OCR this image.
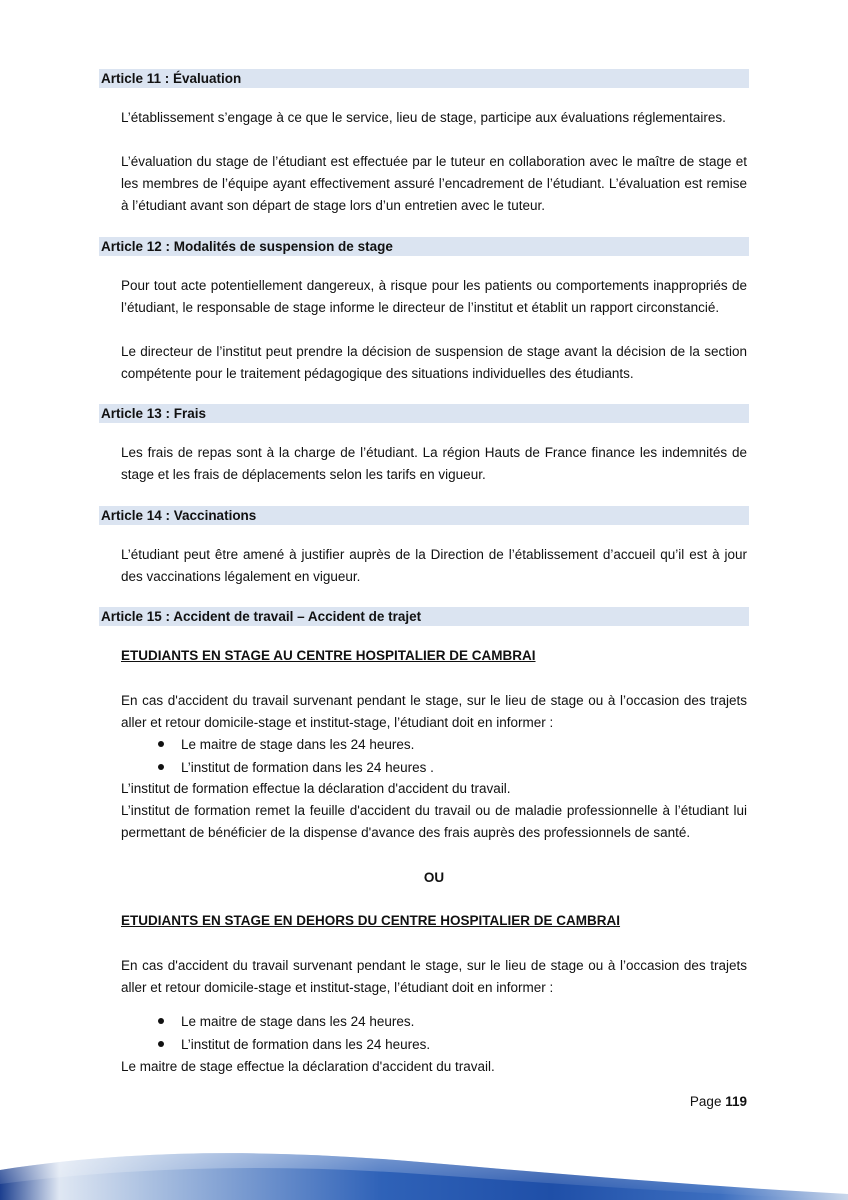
Article 11 : Évaluation

L’établissement s’engage à ce que le service, lieu de stage, participe aux évaluations réglementaires.

L’évaluation du stage de l’étudiant est effectuée par le tuteur en collaboration avec le maître de stage et les membres de l’équipe ayant effectivement assuré l’encadrement de l’étudiant. L’évaluation est remise à l’étudiant avant son départ de stage lors d’un entretien avec le tuteur.

Article 12 : Modalités de suspension de stage

Pour tout acte potentiellement dangereux, à risque pour les patients ou comportements inappropriés de l’étudiant, le responsable de stage informe le directeur de l’institut et établit un rapport circonstancié.

Le directeur de l’institut peut prendre la décision de suspension de stage avant la décision de la section compétente pour le traitement pédagogique des situations individuelles des étudiants.

Article 13 : Frais

Les frais de repas sont à la charge de l’étudiant. La région Hauts de France finance les indemnités de stage et les frais de déplacements selon les tarifs en vigueur.

Article 14 : Vaccinations

L’étudiant peut être amené à justifier auprès de la Direction de l’établissement d’accueil qu’il est à jour des vaccinations légalement en vigueur.

Article 15 : Accident de travail – Accident de trajet
ETUDIANTS EN STAGE AU CENTRE HOSPITALIER DE CAMBRAI

En cas d'accident du travail survenant pendant le stage, sur le lieu de stage ou à l’occasion des trajets aller et retour domicile-stage et institut-stage, l’étudiant doit en informer :

Le maitre de stage dans les 24 heures.
L’institut de formation dans les 24 heures .

L’institut de formation effectue la déclaration d'accident du travail.

L’institut de formation remet la feuille d'accident du travail ou de maladie professionnelle à l’étudiant lui permettant de bénéficier de la dispense d'avance des frais auprès des professionnels de santé.

OU
ETUDIANTS EN STAGE EN DEHORS DU CENTRE HOSPITALIER DE CAMBRAI

En cas d'accident du travail survenant pendant le stage, sur le lieu de stage ou à l’occasion des trajets aller et retour domicile-stage et institut-stage, l’étudiant doit en informer :

Le maitre de stage dans les 24 heures.
L’institut de formation dans les 24 heures.

Le maitre de stage effectue la déclaration d'accident du travail.

Page 119
